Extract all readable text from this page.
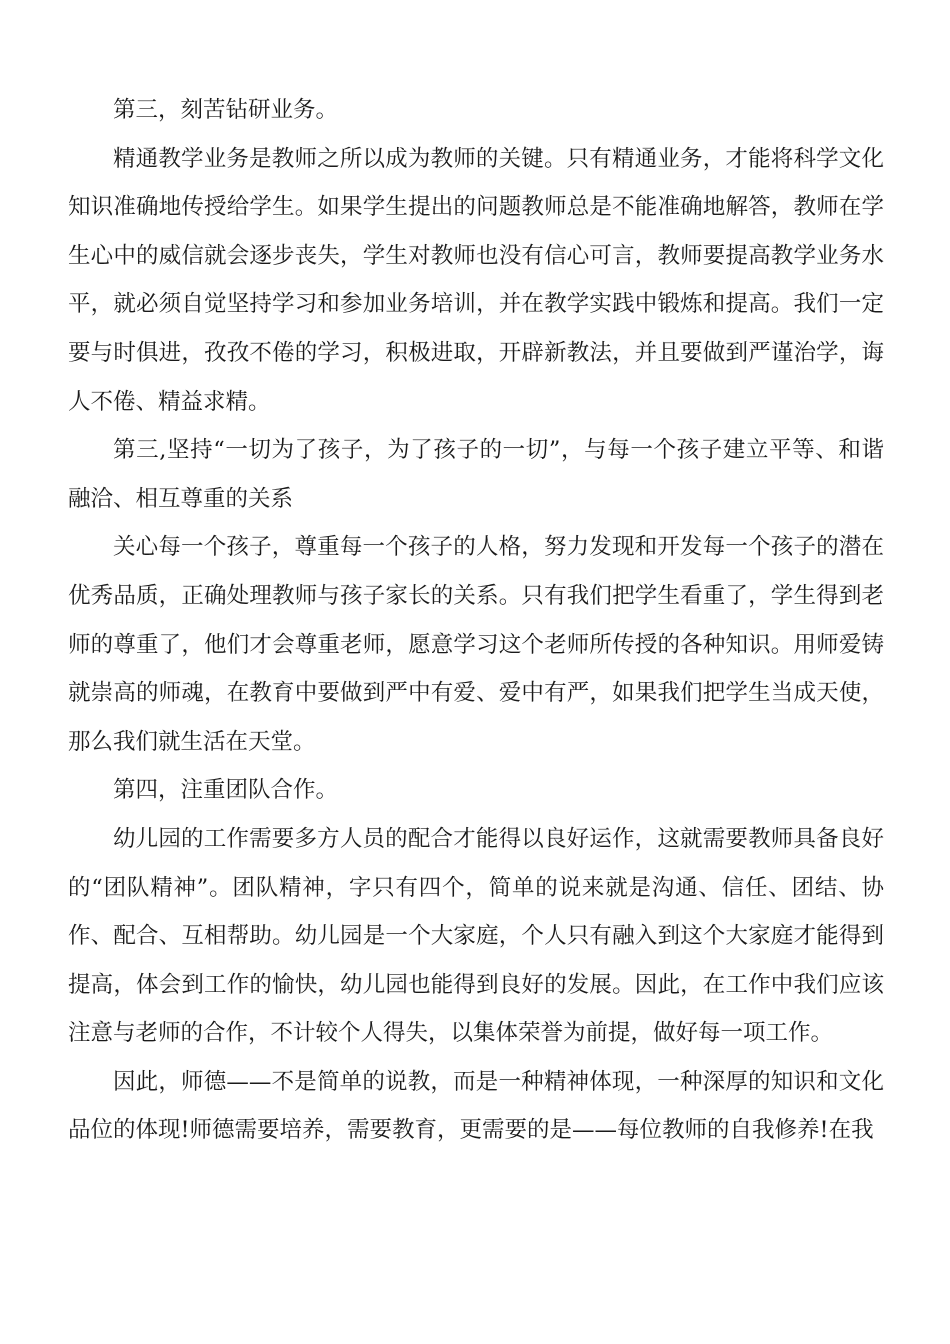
第三，刻苦钻研业务。

精通教学业务是教师之所以成为教师的关键。只有精通业务，才能将科学文化知识准确地传授给学生。如果学生提出的问题教师总是不能准确地解答，教师在学生心中的威信就会逐步丧失，学生对教师也没有信心可言，教师要提高教学业务水平，就必须自觉坚持学习和参加业务培训，并在教学实践中锻炼和提高。我们一定要与时俱进，孜孜不倦的学习，积极进取，开辟新教法，并且要做到严谨治学，诲人不倦、精益求精。

第三,坚持“一切为了孩子，为了孩子的一切”，与每一个孩子建立平等、和谐融洽、相互尊重的关系

关心每一个孩子，尊重每一个孩子的人格，努力发现和开发每一个孩子的潜在优秀品质，正确处理教师与孩子家长的关系。只有我们把学生看重了，学生得到老师的尊重了，他们才会尊重老师，愿意学习这个老师所传授的各种知识。用师爱铸就崇高的师魂，在教育中要做到严中有爱、爱中有严，如果我们把学生当成天使，那么我们就生活在天堂。

第四，注重团队合作。

幼儿园的工作需要多方人员的配合才能得以良好运作，这就需要教师具备良好的“团队精神”。团队精神，字只有四个，简单的说来就是沟通、信任、团结、协作、配合、互相帮助。幼儿园是一个大家庭，个人只有融入到这个大家庭才能得到提高，体会到工作的愉快，幼儿园也能得到良好的发展。因此，在工作中我们应该注意与老师的合作，不计较个人得失，以集体荣誉为前提，做好每一项工作。

因此，师德——不是简单的说教，而是一种精神体现，一种深厚的知识和文化品位的体现!师德需要培养，需要教育，更需要的是——每位教师的自我修养!在我
